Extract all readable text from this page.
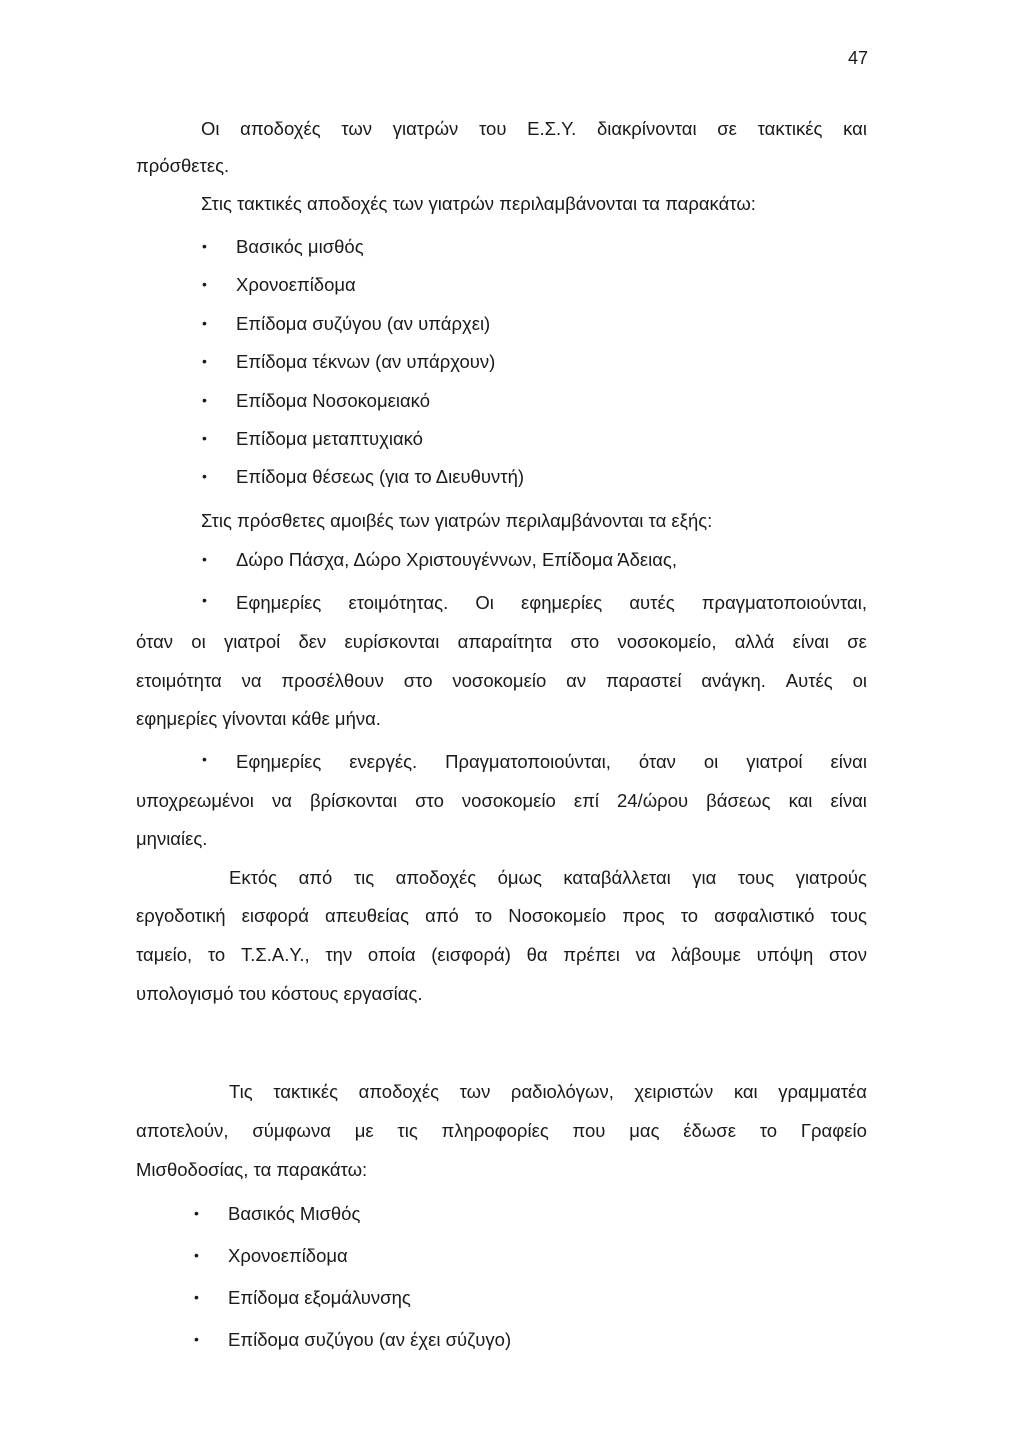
47
Οι αποδοχές των γιατρών του Ε.Σ.Υ. διακρίνονται σε τακτικές και
πρόσθετες.
Στις τακτικές αποδοχές των γιατρών περιλαμβάνονται τα παρακάτω:
• Βασικός μισθός
• Χρονοεπίδομα
• Επίδομα συζύγου (αν υπάρχει)
• Επίδομα τέκνων (αν υπάρχουν)
• Επίδομα Νοσοκομειακό
• Επίδομα μεταπτυχιακό
• Επίδομα θέσεως (για το Διευθυντή)
Στις πρόσθετες αμοιβές των γιατρών περιλαμβάνονται τα εξής:
• Δώρο Πάσχα, Δώρο Χριστουγέννων, Επίδομα Άδειας,
•	Εφημερίες ετοιμότητας. Οι εφημερίες αυτές πραγματοποιούνται,
όταν οι γιατροί δεν ευρίσκονται απαραίτητα στο νοσοκομείο, αλλά είναι σε
ετοιμότητα να προσέλθουν στο νοσοκομείο αν παραστεί ανάγκη. Αυτές οι
εφημερίες γίνονται κάθε μήνα.
•	Εφημερίες ενεργές. Πραγματοποιούνται, όταν οι γιατροί είναι
υποχρεωμένοι να βρίσκονται στο νοσοκομείο επί 24/ώρου βάσεως και είναι
μηνιαίες.
Εκτός από τις αποδοχές όμως καταβάλλεται για τους γιατρούς
εργοδοτική εισφορά απευθείας από το Νοσοκομείο προς το ασφαλιστικό τους
ταμείο, το Τ.Σ.Α.Υ., την οποία (εισφορά) θα πρέπει να λάβουμε υπόψη στον
υπολογισμό του κόστους εργασίας.
Τις τακτικές αποδοχές των ραδιολόγων, χειριστών και γραμματέα
αποτελούν, σύμφωνα με τις πληροφορίες που μας έδωσε το Γραφείο
Μισθοδοσίας, τα παρακάτω:
• Βασικός Μισθός
• Χρονοεπίδομα
• Επίδομα εξομάλυνσης
• Επίδομα συζύγου (αν έχει σύζυγο)
